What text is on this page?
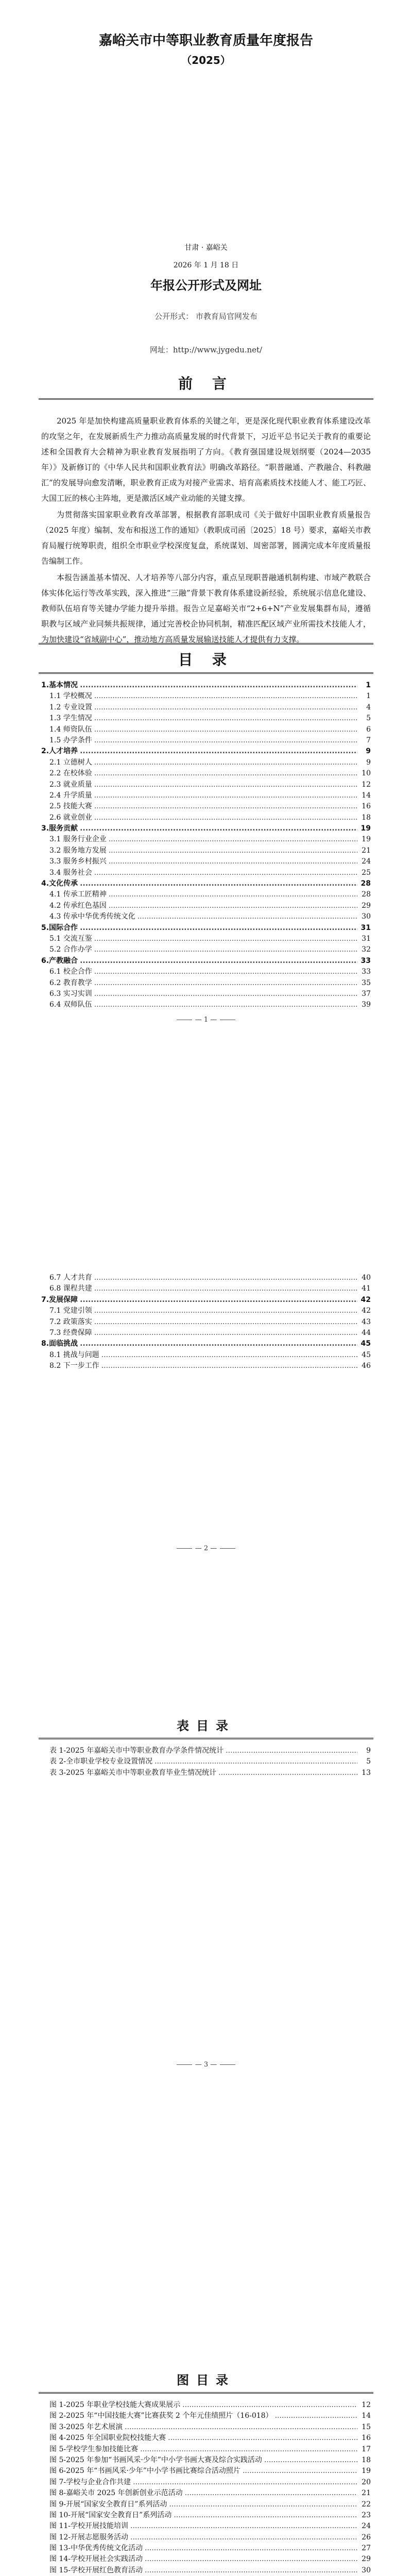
嘉峪关市中等职业教育质量年度报告
（2025）
甘肃 · 嘉峪关
2026 年 1 月 18 日
年报公开形式及网址
公开形式： 市教育局官网发布
网址：http://www.jygedu.net/
前 言

2025 年是加快构建高质量职业教育体系的关键之年，更是深化现代职业教育体系建设改革的攻坚之年，在发展新质生产力推动高质量发展的时代背景下，习近平总书记关于教育的重要论述和全国教育大会精神为职业教育发展指明了方向。《教育强国建设规划纲要（2024—2035 年）》及新修订的《中华人民共和国职业教育法》明确改革路径。“职普融通、产教融合、科教融汇”的发展导向愈发清晰，职业教育正成为对接产业需求、培育高素质技术技能人才、能工巧匠、大国工匠的核心主阵地，更是激活区域产业动能的关键支撑。

为贯彻落实国家职业教育改革部署，根据教育部职成司《关于做好中国职业教育质量报告（2025 年度）编制、发布和报送工作的通知》（教职成司函〔2025〕18 号）要求，嘉峪关市教育局履行统筹职责，组织全市职业学校深度复盘，系统谋划、周密部署，圆满完成本年度质量报告编制工作。

本报告涵盖基本情况、人才培养等八部分内容，重点呈现职普融通机制构建、市域产教联合体实体化运行等改革实践，深入推进“三融”背景下教育体系建设新经验，系统展示信息化建设、教师队伍培育等关键办学能力提升举措。报告立足嘉峪关市“2+6+N”产业发展集群布局，遵循职教与区域产业同频共振规律，通过完善校企协同机制，精准匹配区域产业所需技术技能人才，为加快建设“省域副中心”，推动地方高质量发展输送技能人才提供有力支撑。

目 录
1.基本情况 .....	1
1.1 学校概况 .....	1
1.2 专业设置 .....	4
1.3 学生情况 .....	5
1.4 师资队伍 .....	6
1.5 办学条件 .....	7
2.人才培养 .....	9
2.1 立德树人 .....	9
2.2 在校体验 .....	10
2.3 就业质量 .....	12
2.4 升学质量 .....	14
2.5 技能大赛 .....	16
2.6 就业创业 .....	18
3.服务贡献 .....	19
3.1 服务行业企业 .....	19
3.2 服务地方发展 .....	21
3.3 服务乡村振兴 .....	24
3.4 服务社会 .....	25
4.文化传承 .....	28
4.1 传承工匠精神 .....	28
4.2 传承红色基因 .....	29
4.3 传承中华优秀传统文化 .....	30
5.国际合作 .....	31
5.1 交流互鉴 .....	31
5.2 合作办学 .....	32
6.产教融合 .....	33
6.1 校企合作 .....	33
6.2 教育教学 .....	35
6.3 实习实训 .....	37
6.4 双师队伍 .....	39
— 1 —
6.7 人才共育 .....	40
6.8 课程共建 .....	41
7.发展保障 .....	42
7.1 党建引领 .....	42
7.2 政策落实 .....	43
7.3 经费保障 .....	44
8.面临挑战 .....	45
8.1 挑战与问题 .....	45
8.2 下一步工作 .....	46
— 2 —
表目录
表 1-2025 年嘉峪关市中等职业教育办学条件情况统计 .....	9
表 2-全市职业学校专业设置情况 .....	5
表 3-2025 年嘉峪关市中等职业教育毕业生情况统计 .....	13
— 3 —
图目录
图 1-2025 年职业学校技能大赛成果展示 .....	12
图 2-2025 年“中国技能大赛”比赛获奖 2 个年元佳绩照片（16-018） .....	14
图 3-2025 年艺术展演 .....	15
图 4-2025 年全国职业院校技能大赛 .....	16
图 5-学校学生参加技能比赛 .....	17
图 5-2025 年参加“书画风采·少年”中小学书画大赛及综合实践活动 .....	18
图 6-2025 年“书画风采·少年”中小学书画比赛综合活动照片 .....	19
图 7-学校与企业合作共建 .....	20
图 8-嘉峪关市 2025 年创新创业示范活动 .....	21
图 9-开展“国家安全教育日”系列活动 .....	22
图 10-开展“国家安全教育日”系列活动 .....	23
图 11-学校开展技能培训 .....	24
图 12-开展志愿服务活动 .....	26
图 13-中华优秀传统文化活动 .....	27
图 14-学校开展社会实践活动 .....	29
图 15-学校开展红色教育活动 .....	30
